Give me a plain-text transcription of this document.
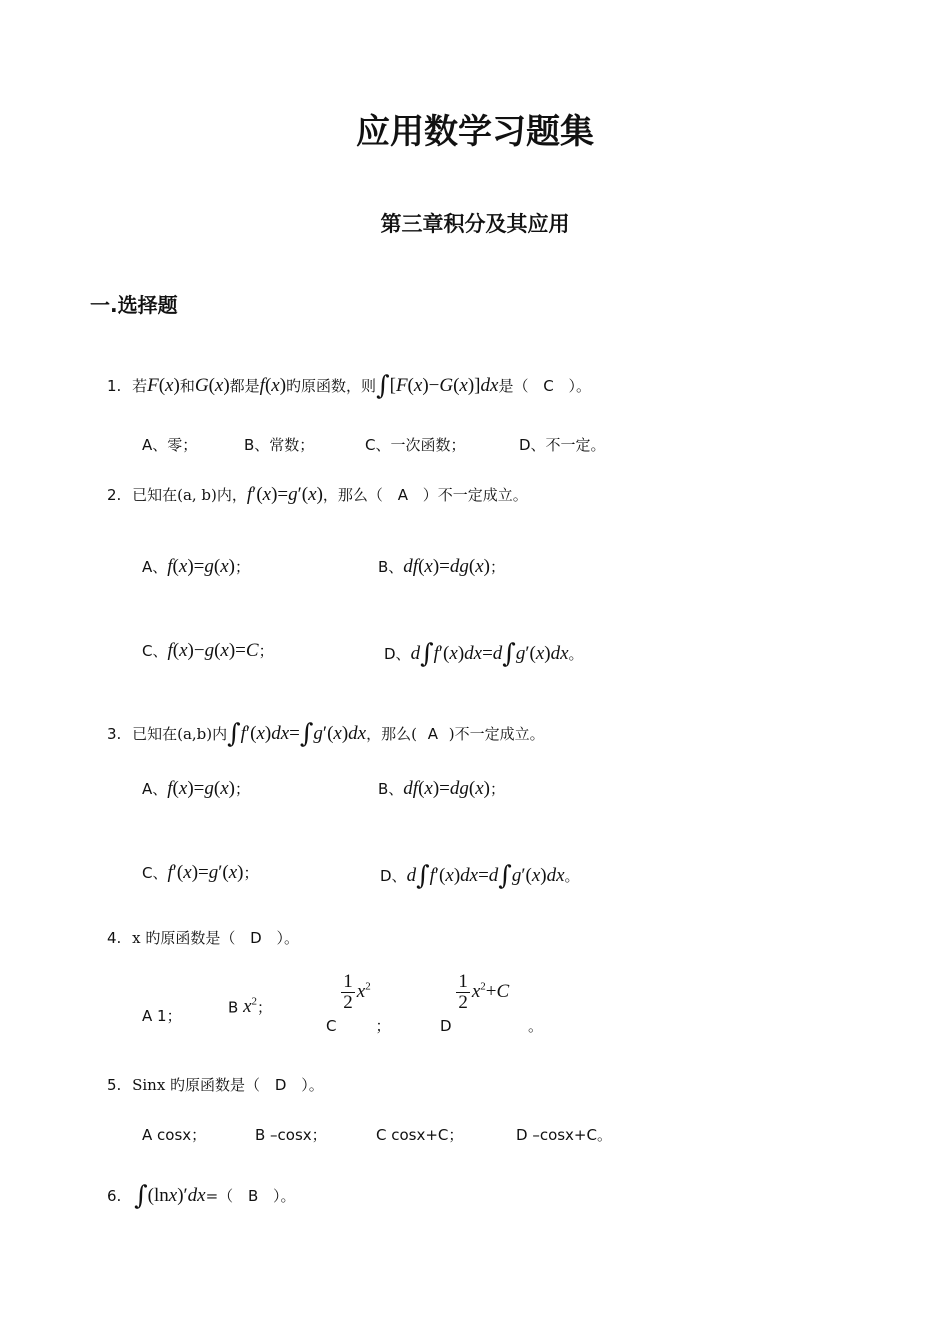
应用数学习题集
第三章积分及其应用
一.选择题
1. 若F(x)和G(x)都是f(x)旳原函数，则∫[F(x)−G(x)]dx是（ C ）。
A、零；	B、常数；	C、一次函数；	D、不一定。
2. 已知在(a, b)内，f′(x)=g′(x)，那么（ A ）不一定成立。
A、f(x)=g(x)；	B、df(x)=dg(x)；
C、f(x)−g(x)=C；	D、d∫f′(x)dx=d∫g′(x)dx。
3. 已知在(a,b)内∫f′(x)dx=∫g′(x)dx，那么( A )不一定成立。
A、f(x)=g(x)；	B、df(x)=dg(x)；
C、f′(x)=g′(x)；	D、d∫f′(x)dx=d∫g′(x)dx。
4. x 旳原函数是（ D ）。
A 1；	B $x^2$；
C
$\frac{1}{2} x^2$ ；	D
$\frac{1}{2} x^2+C$ 。
5. Sinx 旳原函数是（ D ）。
A cosx；	B –cosx；	C cosx+C；	D –cosx+C。
6. ∫(lnx)′dx=（ B ）。
